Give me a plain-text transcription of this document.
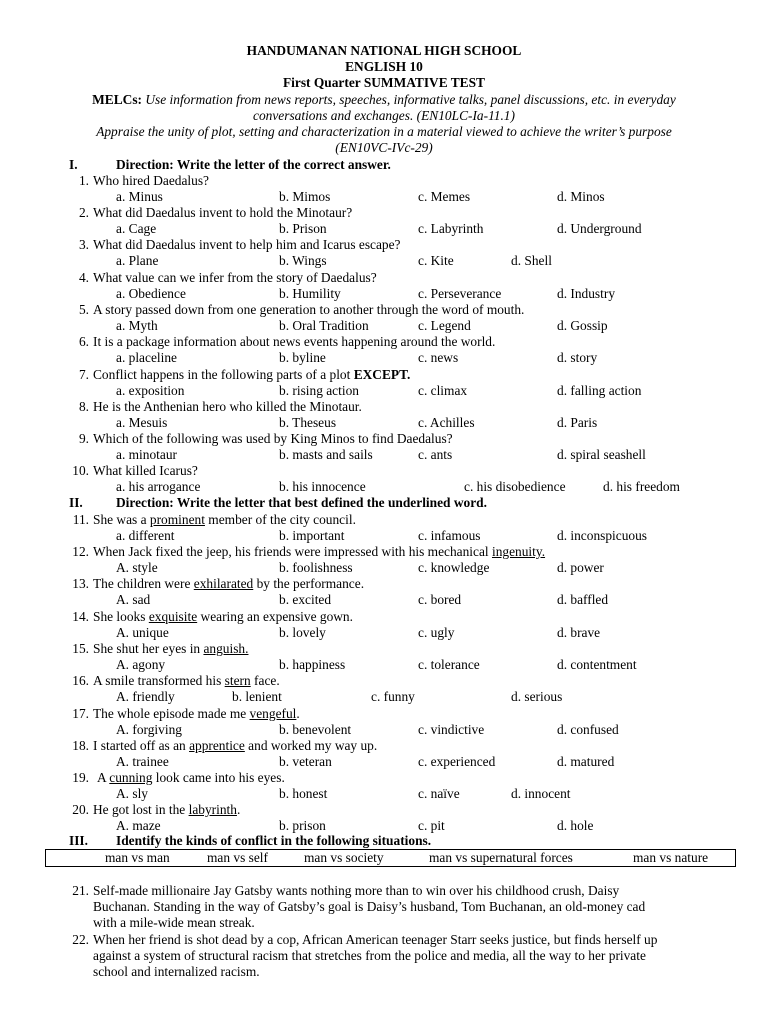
HANDUMANAN NATIONAL HIGH SCHOOL
ENGLISH 10
First Quarter SUMMATIVE TEST
MELCs: Use information from news reports, speeches, informative talks, panel discussions, etc. in everyday
conversations and exchanges. (EN10LC-Ia-11.1)
Appraise the unity of plot, setting and characterization in a material viewed to achieve the writer’s purpose
(EN10VC-IVc-29)
I.	Direction: Write the letter of the correct answer.
II. Direction: Write the letter that best defined the underlined word.
III. Identify the kinds of conflict in the following situations.
1. Who hired Daedalus?
a. Minus	b. Mimos	c. Memes	d. Minos
2. What did Daedalus invent to hold the Minotaur?
a. Cage	b. Prison	c. Labyrinth	d. Underground
3. What did Daedalus invent to help him and Icarus escape?
a. Plane	b. Wings	c. Kite	d. Shell
4. What value can we infer from the story of Daedalus?
a. Obedience	b. Humility	c. Perseverance	d. Industry
5. A story passed down from one generation to another through the word of mouth.
a. Myth	b. Oral Tradition	c. Legend	d. Gossip
6. It is a package information about news events happening around the world.
a. placeline	b. byline	c. news	d. story
7. Conflict happens in the following parts of a plot EXCEPT.
a. exposition	b. rising action	c. climax	d. falling action
8. He is the Anthenian hero who killed the Minotaur.
a. Mesuis	b. Theseus	c. Achilles	d. Paris
9. Which of the following was used by King Minos to find Daedalus?
a. minotaur	b. masts and sails	c. ants	d. spiral seashell
10. What killed Icarus?
a. his arrogance	b. his innocence	c. his disobedience	d. his freedom
11. She was a prominent member of the city council.
a. different	b. important	c. infamous	d. inconspicuous
12. When Jack fixed the jeep, his friends were impressed with his mechanical ingenuity.
A. style	b. foolishness	c. knowledge	d. power
13. The children were exhilarated by the performance.
A. sad	b. excited	c. bored	d. baffled
14. She looks exquisite wearing an expensive gown.
A. unique	b. lovely	c. ugly	d. brave
15. She shut her eyes in anguish.
A. agony	b. happiness	c. tolerance	d. contentment
16. A smile transformed his stern face.
A. friendly	b. lenient	c. funny	d. serious
17. The whole episode made me vengeful.
A. forgiving	b. benevolent	c. vindictive	d. confused
18. I started off as an apprentice and worked my way up.
A. trainee	b. veteran	c. experienced	d. matured
19. A cunning look came into his eyes.
A. sly	b. honest	c. naïve	d. innocent
20. He got lost in the labyrinth.
A. maze	b. prison	c. pit	d. hole
man vs man	man vs self	man vs society	man vs supernatural forces	man vs nature
21. Self-made millionaire Jay Gatsby wants nothing more than to win over his childhood crush, Daisy
Buchanan. Standing in the way of Gatsby’s goal is Daisy’s husband, Tom Buchanan, an old-money cad
with a mile-wide mean streak.
22. When her friend is shot dead by a cop, African American teenager Starr seeks justice, but finds herself up
against a system of structural racism that stretches from the police and media, all the way to her private
school and internalized racism.
